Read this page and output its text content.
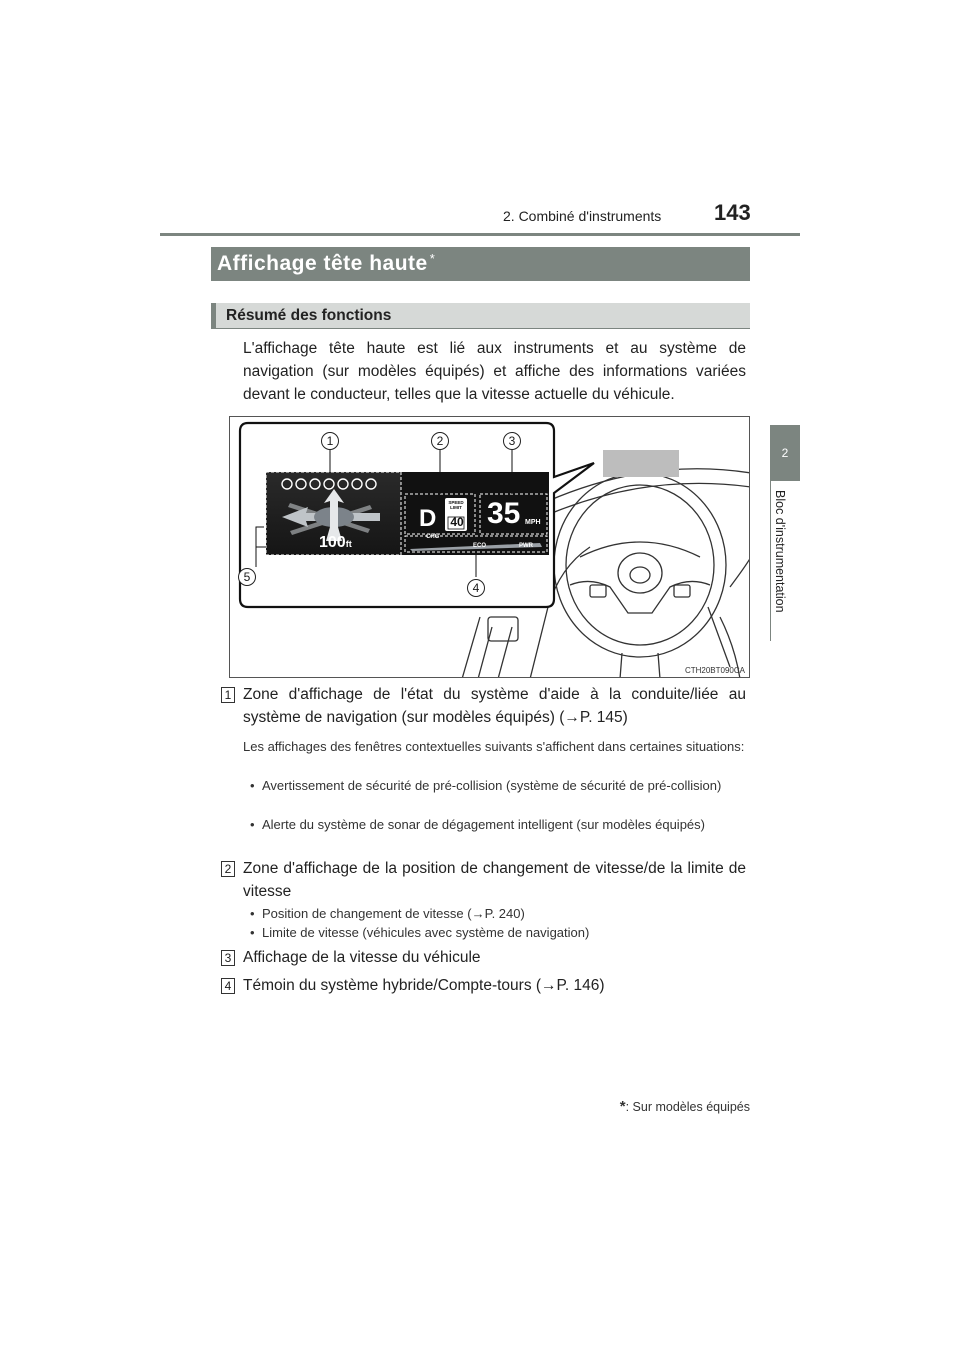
2. Combiné d'instruments 143
2
Bloc d'instrumentation
Affichage tête haute*
Résumé des fonctions
L'affichage tête haute est lié aux instruments et au système de navigation (sur modèles équipés) et affiche des informations variées devant le conducteur, telles que la vitesse actuelle du véhicule.
100ft
D
SPEED
LIMIT
40 35 MPH
CHG
ECO	PWR
1	2	3
4
5
CTH20BT090CA
1 Zone d'affichage de l'état du système d'aide à la conduite/liée au système de navigation (sur modèles équipés) (→P. 145)
Les affichages des fenêtres contextuelles suivants s'affichent dans certaines situations:
• Avertissement de sécurité de pré-collision (système de sécurité de pré-collision)
• Alerte du système de sonar de dégagement intelligent (sur modèles équipés)
2 Zone d'affichage de la position de changement de vitesse/de la limite de vitesse
• Position de changement de vitesse (→P. 240)
• Limite de vitesse (véhicules avec système de navigation)
3 Affichage de la vitesse du véhicule
4 Témoin du système hybride/Compte-tours (→P. 146)
*: Sur modèles équipés
